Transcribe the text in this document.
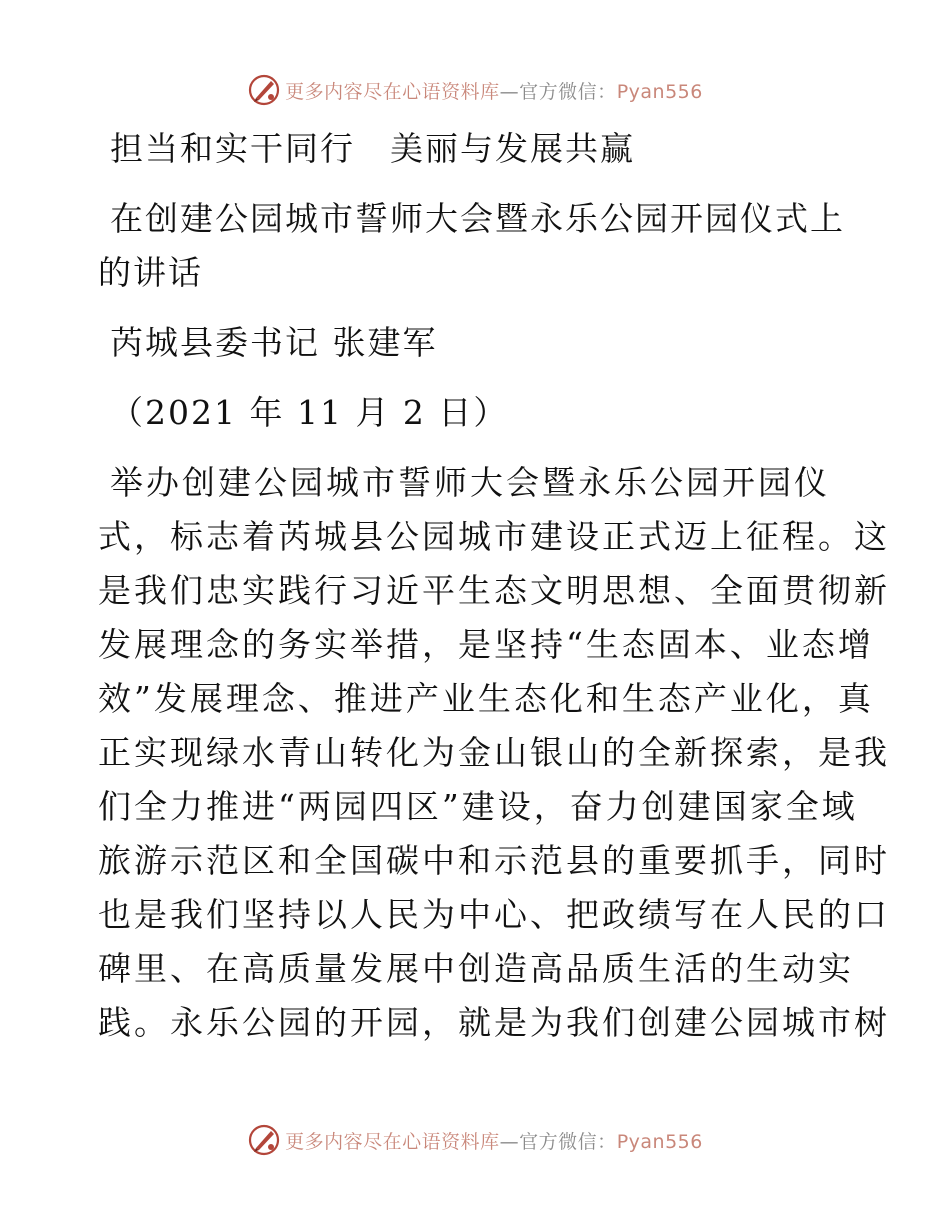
更多内容尽在心语资料库—官方微信：Pyan556

担当和实干同行　美丽与发展共赢

在创建公园城市誓师大会暨永乐公园开园仪式上

的讲话

芮城县委书记 张建军

（2021 年 11 月 2 日）

举办创建公园城市誓师大会暨永乐公园开园仪

式，标志着芮城县公园城市建设正式迈上征程。这

是我们忠实践行习近平生态文明思想、全面贯彻新

发展理念的务实举措，是坚持“生态固本、业态增

效”发展理念、推进产业生态化和生态产业化，真

正实现绿水青山转化为金山银山的全新探索，是我

们全力推进“两园四区”建设，奋力创建国家全域

旅游示范区和全国碳中和示范县的重要抓手，同时

也是我们坚持以人民为中心、把政绩写在人民的口

碑里、在高质量发展中创造高品质生活的生动实

践。永乐公园的开园，就是为我们创建公园城市树

更多内容尽在心语资料库—官方微信：Pyan556
